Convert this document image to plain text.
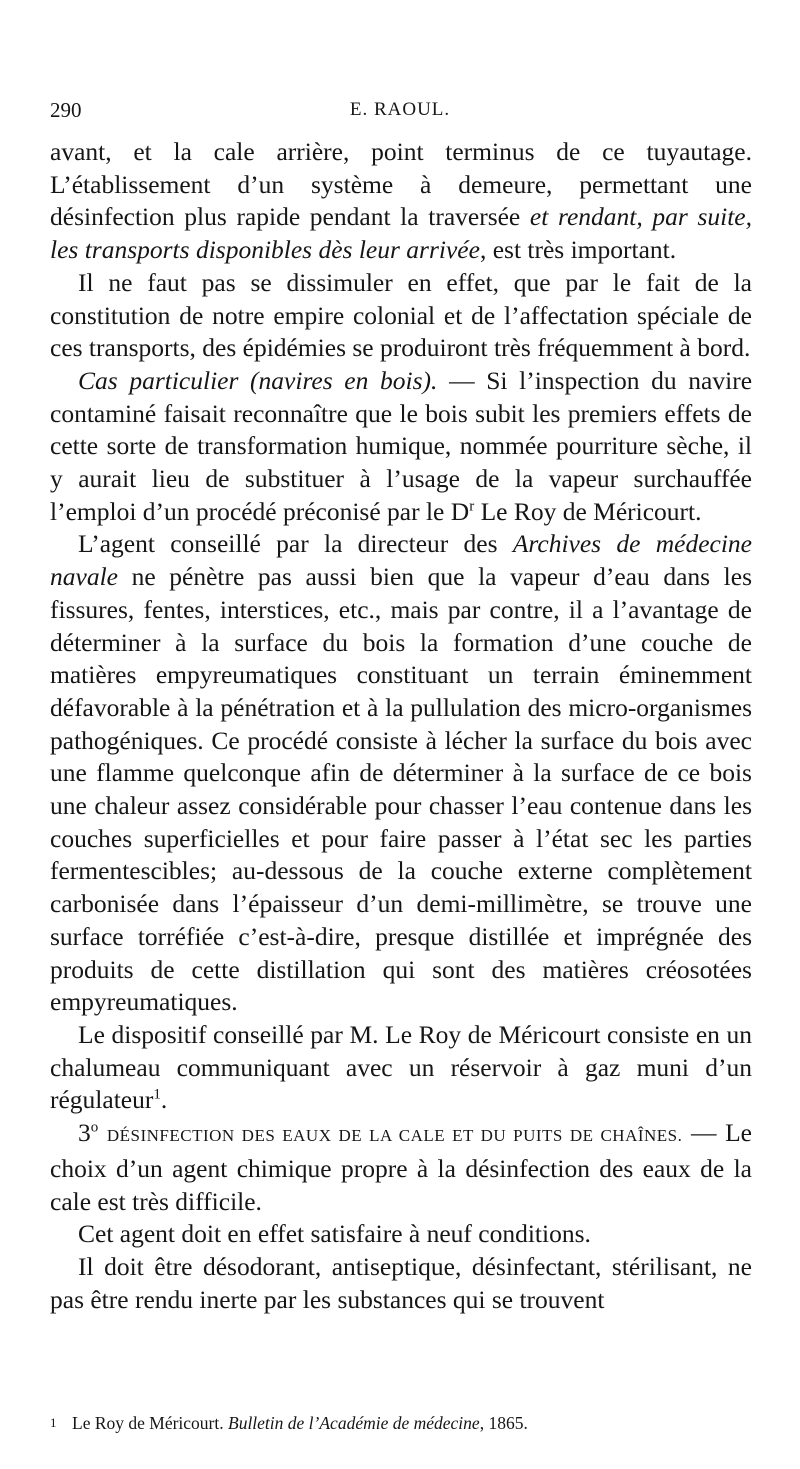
290	E. RAOUL.

avant, et la cale arrière, point terminus de ce tuyautage. L’établissement d’un système à demeure, permettant une désinfection plus rapide pendant la traversée et rendant, par suite, les transports disponibles dès leur arrivée, est très important.

Il ne faut pas se dissimuler en effet, que par le fait de la constitution de notre empire colonial et de l’affectation spéciale de ces transports, des épidémies se produiront très fréquemment à bord.

Cas particulier (navires en bois). — Si l’inspection du navire contaminé faisait reconnaître que le bois subit les premiers effets de cette sorte de transformation humique, nommée pourriture sèche, il y aurait lieu de substituer à l’usage de la vapeur surchauffée l’emploi d’un procédé préconisé par le $D^r$ Le Roy de Méricourt.

L’agent conseillé par la directeur des Archives de médecine navale ne pénètre pas aussi bien que la vapeur d’eau dans les fissures, fentes, interstices, etc., mais par contre, il a l’avantage de déterminer à la surface du bois la formation d’une couche de matières empyreumatiques constituant un terrain éminemment défavorable à la pénétration et à la pullulation des micro-organismes pathogéniques. Ce procédé consiste à lécher la surface du bois avec une flamme quelconque afin de déterminer à la surface de ce bois une chaleur assez considérable pour chasser l’eau contenue dans les couches superficielles et pour faire passer à l’état sec les parties fermentescibles; au-dessous de la couche externe complètement carbonisée dans l’épaisseur d’un demi-millimètre, se trouve une surface torréfiée c’est-à-dire, presque distillée et imprégnée des produits de cette distillation qui sont des matières créosotées empyreumatiques.

Le dispositif conseillé par M. Le Roy de Méricourt consiste en un chalumeau communiquant avec un réservoir à gaz muni d’un régulateur$^1$.

3$^o$ DÉSINFECTION DES EAUX DE LA CALE ET DU PUITS DE CHAÎNES. — Le choix d’un agent chimique propre à la désinfection des eaux de la cale est très difficile.

Cet agent doit en effet satisfaire à neuf conditions.

Il doit être désodorant, antiseptique, désinfectant, stérilisant, ne pas être rendu inerte par les substances qui se trouvent

1 Le Roy de Méricourt. Bulletin de l’Académie de médecine, 1865.
